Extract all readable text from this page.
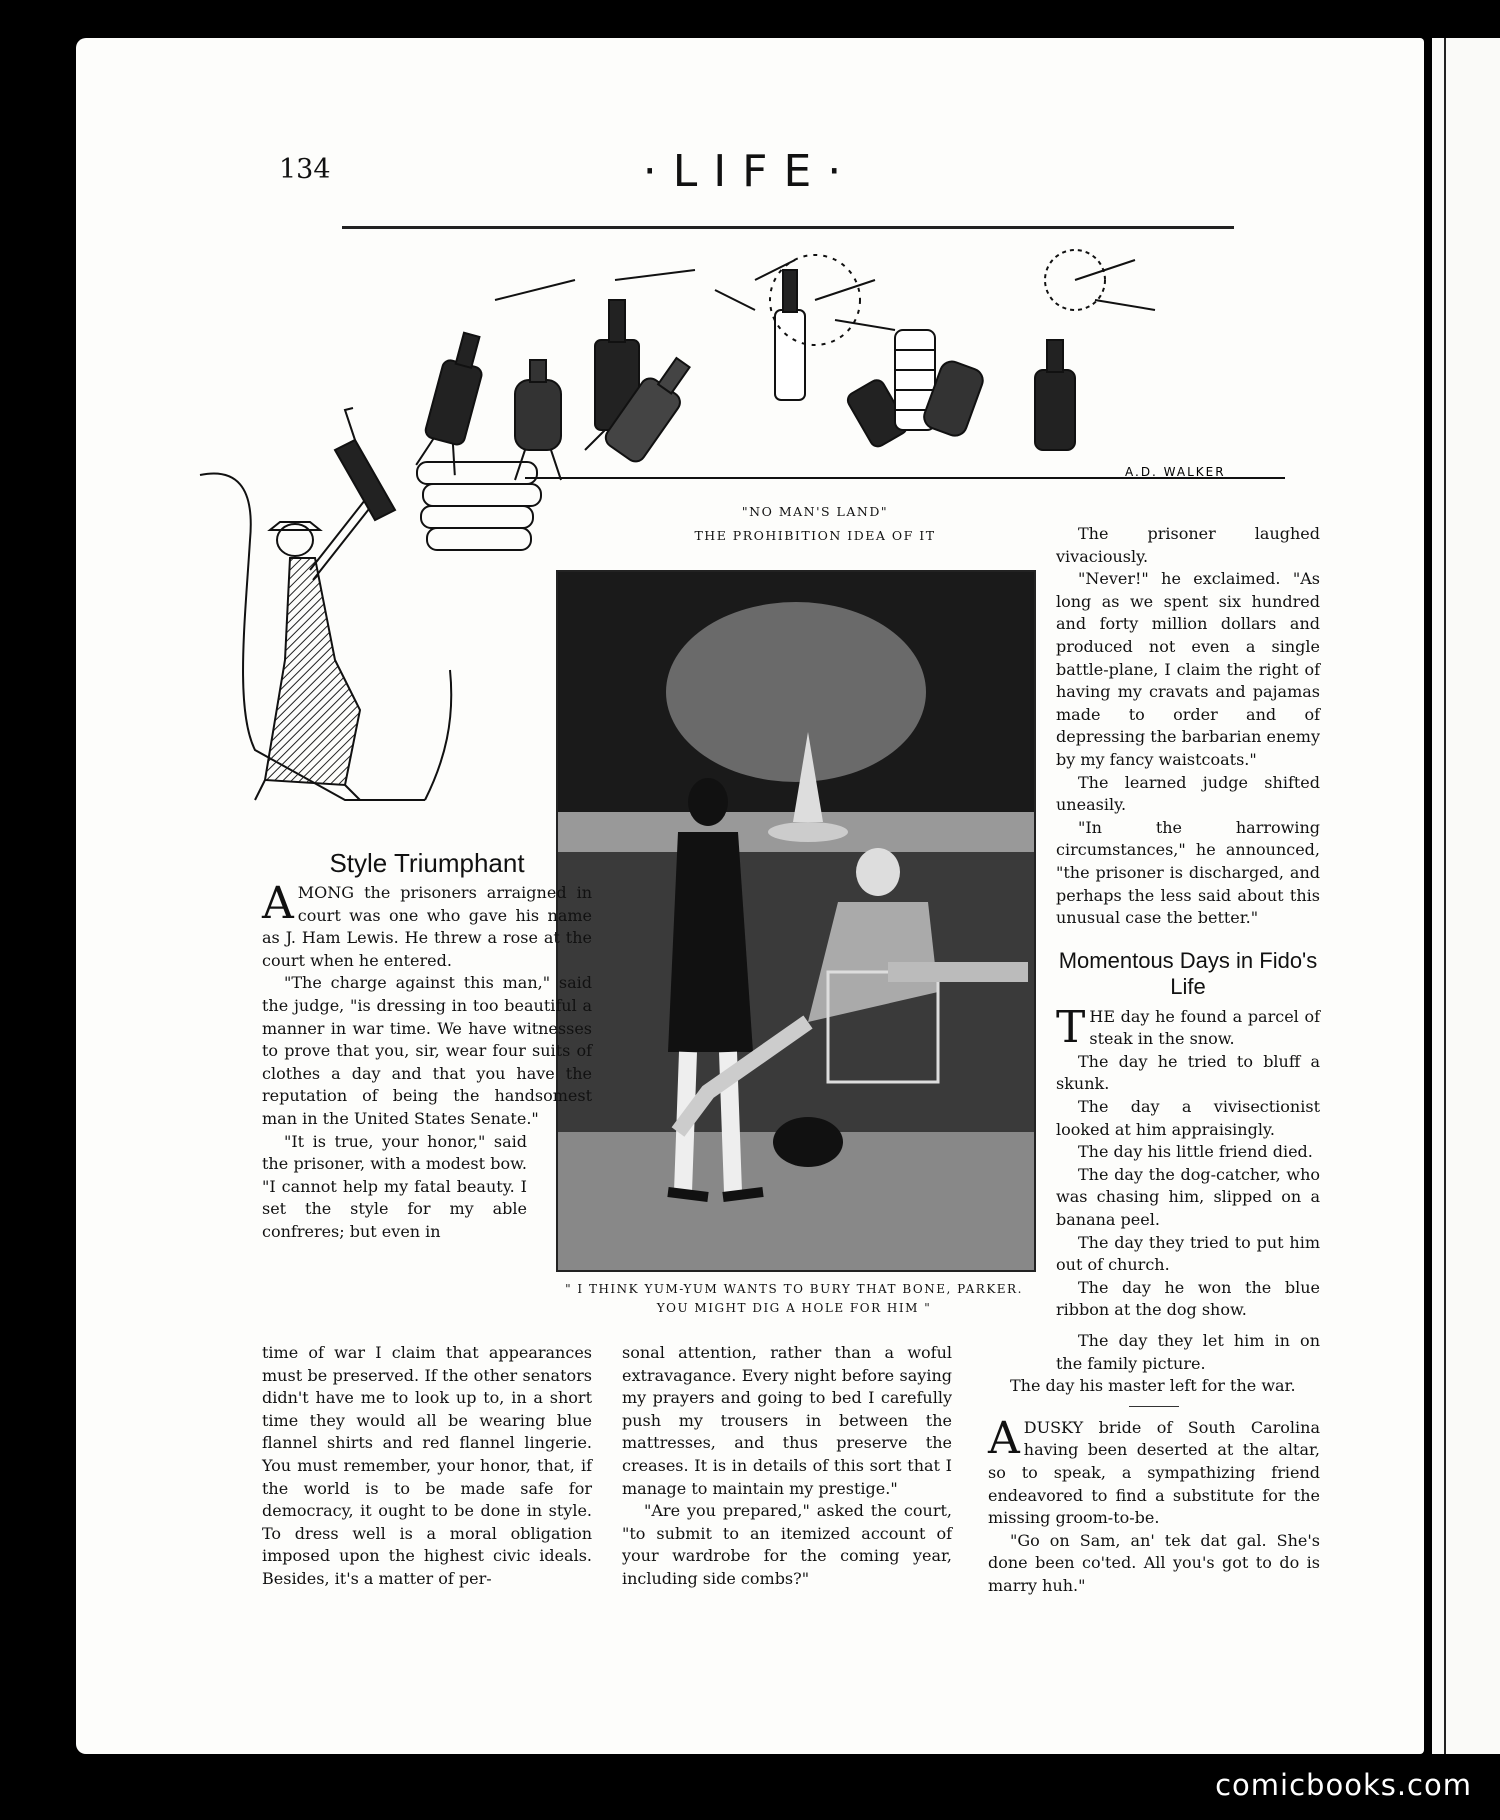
134	·LIFE·
A.D. WALKER
"NO MAN'S LAND"
THE PROHIBITION IDEA OF IT
" I THINK YUM-YUM WANTS TO BURY THAT BONE, PARKER.
YOU MIGHT DIG A HOLE FOR HIM "
Style Triumphant

AMONG the prisoners arraigned in court was one who gave his name as J. Ham Lewis. He threw a rose at the court when he entered.

"The charge against this man," said the judge, "is dressing in too beautiful a manner in war time. We have witnesses to prove that you, sir, wear four suits of clothes a day and that you have the reputation of being the handsomest man in the United States Senate."

"It is true, your honor," said the prisoner, with a modest bow. "I cannot help my fatal beauty. I set the style for my able confreres; but even in

time of war I claim that appearances must be preserved. If the other senators didn't have me to look up to, in a short time they would all be wearing blue flannel shirts and red flannel lingerie. You must remember, your honor, that, if the world is to be made safe for democracy, it ought to be done in style. To dress well is a moral obligation imposed upon the highest civic ideals. Besides, it's a matter of per-

sonal attention, rather than a woful extravagance. Every night before saying my prayers and going to bed I carefully push my trousers in between the mattresses, and thus preserve the creases. It is in details of this sort that I manage to maintain my prestige."

"Are you prepared," asked the court, "to submit to an itemized account of your wardrobe for the coming year, including side combs?"

The prisoner laughed vivaciously.

"Never!" he exclaimed. "As long as we spent six hundred and forty million dollars and produced not even a single battle-plane, I claim the right of having my cravats and pajamas made to order and of depressing the barbarian enemy by my fancy waistcoats."

The learned judge shifted uneasily.

"In the harrowing circumstances," he announced, "the prisoner is discharged, and perhaps the less said about this unusual case the better."

Momentous Days in Fido's
Life

THE day he found a parcel of steak in the snow.

The day he tried to bluff a skunk.

The day a vivisectionist looked at him appraisingly.

The day his little friend died.

The day the dog-catcher, who was chasing him, slipped on a banana peel.

The day they tried to put him out of church.

The day he won the blue ribbon at the dog show.

The day they let him in on the family picture.

The day his master left for the war.

ADUSKY bride of South Carolina having been deserted at the altar, so to speak, a sympathizing friend endeavored to find a substitute for the missing groom-to-be.

"Go on Sam, an' tek dat gal. She's done been co'ted. All you's got to do is marry huh."

comicbooks.com
